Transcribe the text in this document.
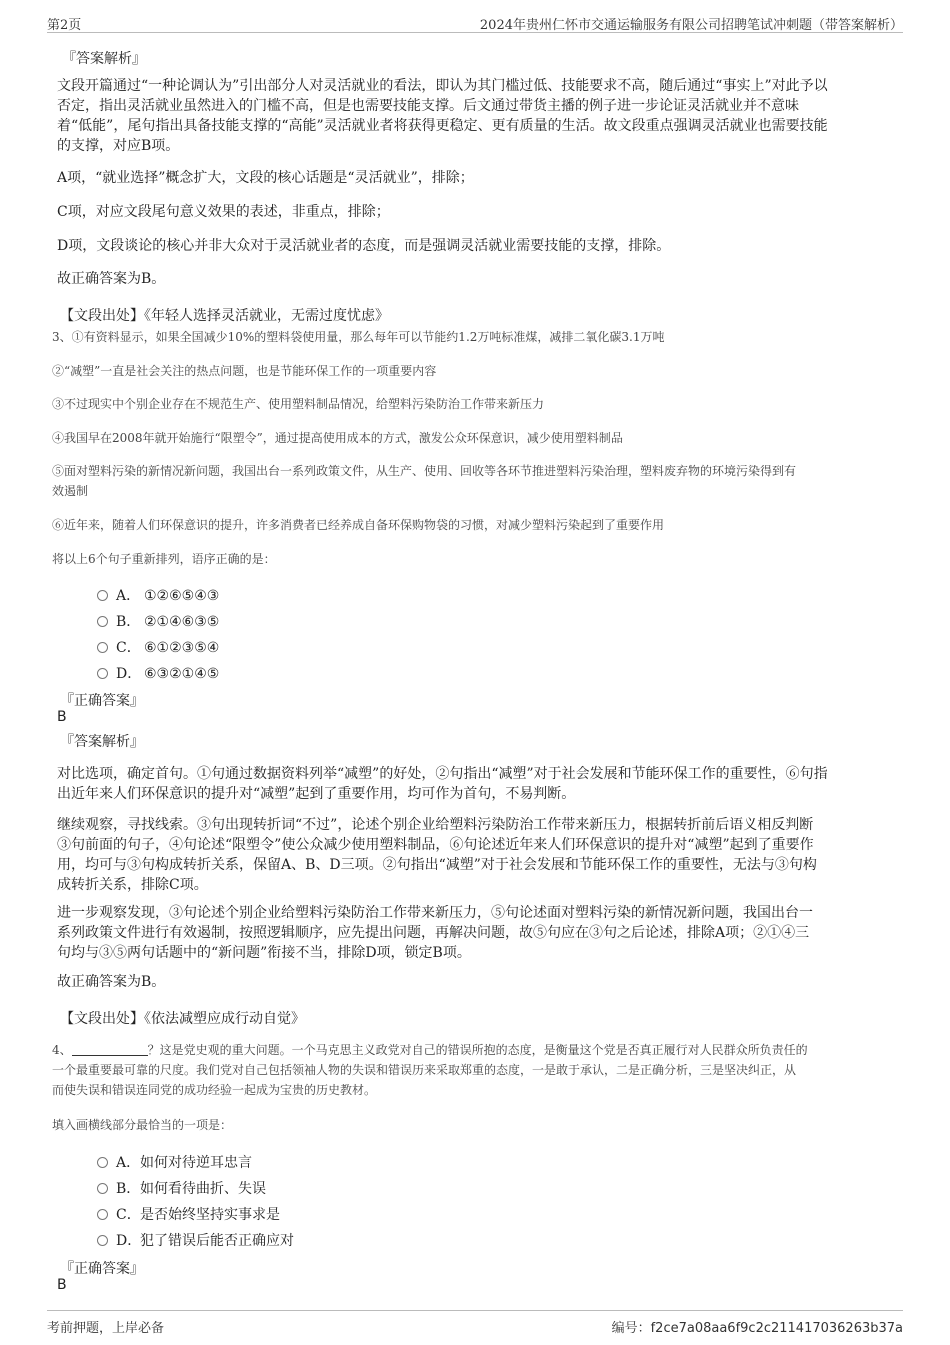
第2页	2024年贵州仁怀市交通运输服务有限公司招聘笔试冲刺题（带答案解析）
『答案解析』
文段开篇通过“一种论调认为”引出部分人对灵活就业的看法，即认为其门槛过低、技能要求不高，随后通过“事实上”对此予以
否定，指出灵活就业虽然进入的门槛不高，但是也需要技能支撑。后文通过带货主播的例子进一步论证灵活就业并不意味
着“低能”，尾句指出具备技能支撑的“高能”灵活就业者将获得更稳定、更有质量的生活。故文段重点强调灵活就业也需要技能
的支撑，对应B项。
A项，“就业选择”概念扩大，文段的核心话题是“灵活就业”，排除；
C项，对应文段尾句意义效果的表述，非重点，排除；
D项，文段谈论的核心并非大众对于灵活就业者的态度，而是强调灵活就业需要技能的支撑，排除。
故正确答案为B。
【文段出处】《年轻人选择灵活就业，无需过度忧虑》
3、①有资料显示，如果全国减少10%的塑料袋使用量，那么每年可以节能约1.2万吨标准煤，减排二氧化碳3.1万吨
②“减塑”一直是社会关注的热点问题，也是节能环保工作的一项重要内容
③不过现实中个别企业存在不规范生产、使用塑料制品情况，给塑料污染防治工作带来新压力
④我国早在2008年就开始施行“限塑令”，通过提高使用成本的方式，激发公众环保意识，减少使用塑料制品
⑤面对塑料污染的新情况新问题，我国出台一系列政策文件，从生产、使用、回收等各环节推进塑料污染治理，塑料废弃物的环境污染得到有
效遏制
⑥近年来，随着人们环保意识的提升，许多消费者已经养成自备环保购物袋的习惯，对减少塑料污染起到了重要作用
将以上6个句子重新排列，语序正确的是：
A． ①②⑥⑤④③
B． ②①④⑥③⑤
C． ⑥①②③⑤④
D． ⑥③②①④⑤
『正确答案』
B
『答案解析』
对比选项，确定首句。①句通过数据资料列举“减塑”的好处，②句指出“减塑”对于社会发展和节能环保工作的重要性，⑥句指
出近年来人们环保意识的提升对“减塑”起到了重要作用，均可作为首句，不易判断。
继续观察，寻找线索。③句出现转折词“不过”，论述个别企业给塑料污染防治工作带来新压力，根据转折前后语义相反判断
③句前面的句子，④句论述“限塑令”使公众减少使用塑料制品，⑥句论述近年来人们环保意识的提升对“减塑”起到了重要作
用，均可与③句构成转折关系，保留A、B、D三项。②句指出“减塑”对于社会发展和节能环保工作的重要性，无法与③句构
成转折关系，排除C项。
进一步观察发现，③句论述个别企业给塑料污染防治工作带来新压力，⑤句论述面对塑料污染的新情况新问题，我国出台一
系列政策文件进行有效遏制，按照逻辑顺序，应先提出问题，再解决问题，故⑤句应在③句之后论述，排除A项；②①④三
句均与③⑤两句话题中的“新问题”衔接不当，排除D项，锁定B项。
故正确答案为B。
【文段出处】《依法减塑应成行动自觉》
4、	？这是党史观的重大问题。一个马克思主义政党对自己的错误所抱的态度，是衡量这个党是否真正履行对人民群众所负责任的
一个最重要最可靠的尺度。我们党对自己包括领袖人物的失误和错误历来采取郑重的态度，一是敢于承认，二是正确分析，三是坚决纠正，从
而使失误和错误连同党的成功经验一起成为宝贵的历史教材。
填入画横线部分最恰当的一项是：
A．如何对待逆耳忠言
B．如何看待曲折、失误
C．是否始终坚持实事求是
D．犯了错误后能否正确应对
『正确答案』
B
考前押题，上岸必备	编号：f2ce7a08aa6f9c2c211417036263b37a
